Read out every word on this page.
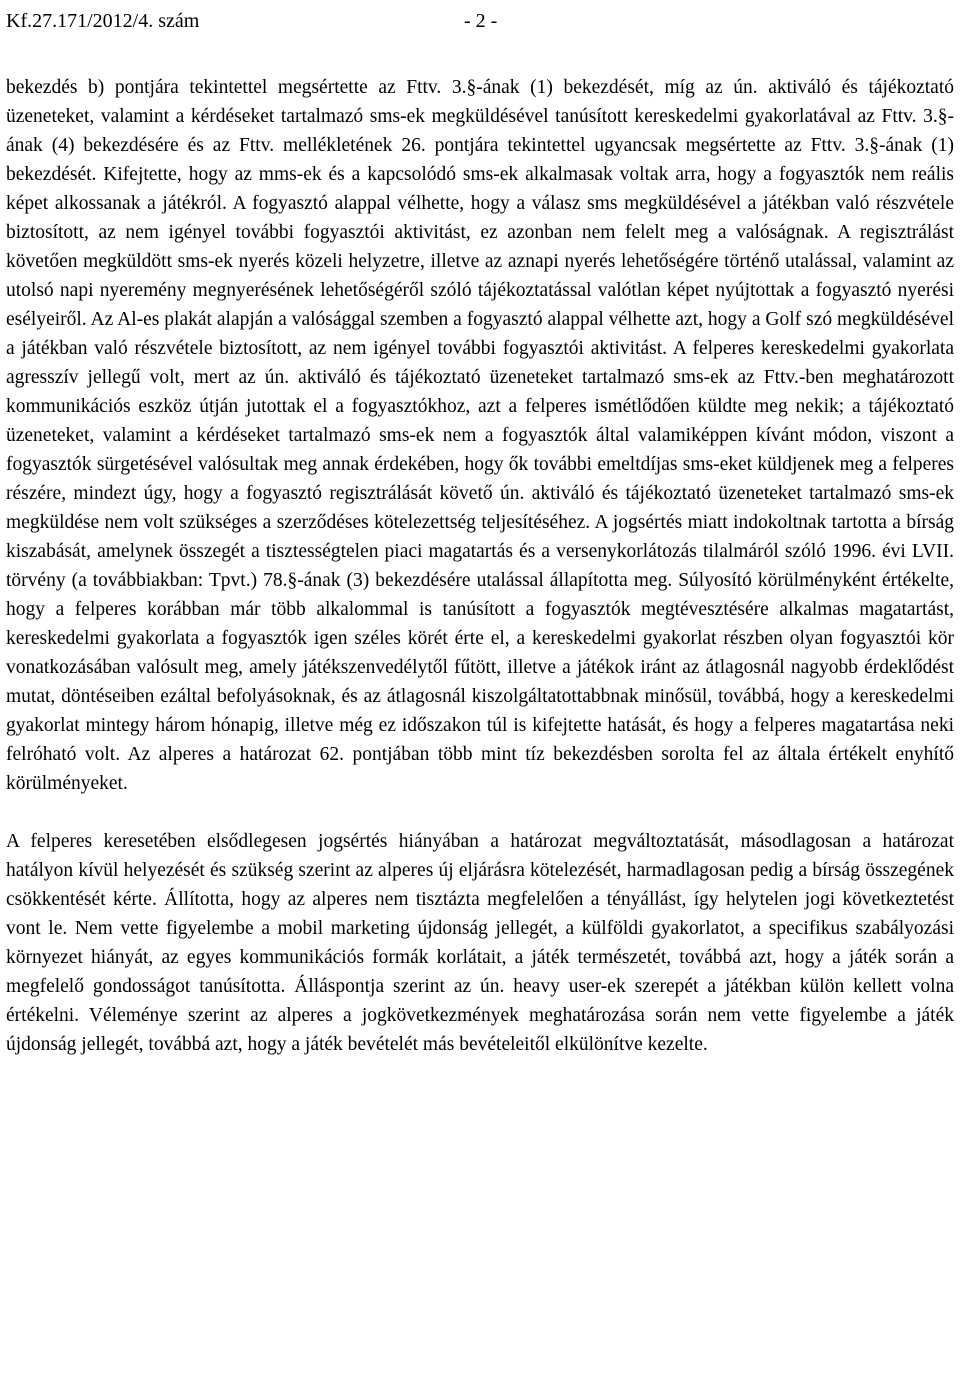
Kf.27.171/2012/4. szám	- 2 -

bekezdés b) pontjára tekintettel megsértette az Fttv. 3.§-ának (1) bekezdését, míg az ún. aktiváló és tájékoztató üzeneteket, valamint a kérdéseket tartalmazó sms-ek megküldésével tanúsított kereskedelmi gyakorlatával az Fttv. 3.§-ának (4) bekezdésére és az Fttv. mellékletének 26. pontjára tekintettel ugyancsak megsértette az Fttv. 3.§-ának (1) bekezdését. Kifejtette, hogy az mms-ek és a kapcsolódó sms-ek alkalmasak voltak arra, hogy a fogyasztók nem reális képet alkossanak a játékról. A fogyasztó alappal vélhette, hogy a válasz sms megküldésével a játékban való részvétele biztosított, az nem igényel további fogyasztói aktivitást, ez azonban nem felelt meg a valóságnak. A regisztrálást követően megküldött sms-ek nyerés közeli helyzetre, illetve az aznapi nyerés lehetőségére történő utalással, valamint az utolsó napi nyeremény megnyerésének lehetőségéről szóló tájékoztatással valótlan képet nyújtottak a fogyasztó nyerési esélyeiről. Az Al-es plakát alapján a valósággal szemben a fogyasztó alappal vélhette azt, hogy a Golf szó megküldésével a játékban való részvétele biztosított, az nem igényel további fogyasztói aktivitást. A felperes kereskedelmi gyakorlata agresszív jellegű volt, mert az ún. aktiváló és tájékoztató üzeneteket tartalmazó sms-ek az Fttv.-ben meghatározott kommunikációs eszköz útján jutottak el a fogyasztókhoz, azt a felperes ismétlődően küldte meg nekik; a tájékoztató üzeneteket, valamint a kérdéseket tartalmazó sms-ek nem a fogyasztók által valamiképpen kívánt módon, viszont a fogyasztók sürgetésével valósultak meg annak érdekében, hogy ők további emeltdíjas sms-eket küldjenek meg a felperes részére, mindezt úgy, hogy a fogyasztó regisztrálását követő ún. aktiváló és tájékoztató üzeneteket tartalmazó sms-ek megküldése nem volt szükséges a szerződéses kötelezettség teljesítéséhez. A jogsértés miatt indokoltnak tartotta a bírság kiszabását, amelynek összegét a tisztességtelen piaci magatartás és a versenykorlátozás tilalmáról szóló 1996. évi LVII. törvény (a továbbiakban: Tpvt.) 78.§-ának (3) bekezdésére utalással állapította meg. Súlyosító körülményként értékelte, hogy a felperes korábban már több alkalommal is tanúsított a fogyasztók megtévesztésére alkalmas magatartást, kereskedelmi gyakorlata a fogyasztók igen széles körét érte el, a kereskedelmi gyakorlat részben olyan fogyasztói kör vonatkozásában valósult meg, amely játékszenvedélytől fűtött, illetve a játékok iránt az átlagosnál nagyobb érdeklődést mutat, döntéseiben ezáltal befolyásoknak, és az átlagosnál kiszolgáltatottabbnak minősül, továbbá, hogy a kereskedelmi gyakorlat mintegy három hónapig, illetve még ez időszakon túl is kifejtette hatását, és hogy a felperes magatartása neki felróható volt. Az alperes a határozat 62. pontjában több mint tíz bekezdésben sorolta fel az általa értékelt enyhítő körülményeket.

A felperes keresetében elsődlegesen jogsértés hiányában a határozat megváltoztatását, másodlagosan a határozat hatályon kívül helyezését és szükség szerint az alperes új eljárásra kötelezését, harmadlagosan pedig a bírság összegének csökkentését kérte. Állította, hogy az alperes nem tisztázta megfelelően a tényállást, így helytelen jogi következtetést vont le. Nem vette figyelembe a mobil marketing újdonság jellegét, a külföldi gyakorlatot, a specifikus szabályozási környezet hiányát, az egyes kommunikációs formák korlátait, a játék természetét, továbbá azt, hogy a játék során a megfelelő gondosságot tanúsította. Álláspontja szerint az ún. heavy user-ek szerepét a játékban külön kellett volna értékelni. Véleménye szerint az alperes a jogkövetkezmények meghatározása során nem vette figyelembe a játék újdonság jellegét, továbbá azt, hogy a játék bevételét más bevételeitől elkülönítve kezelte.
